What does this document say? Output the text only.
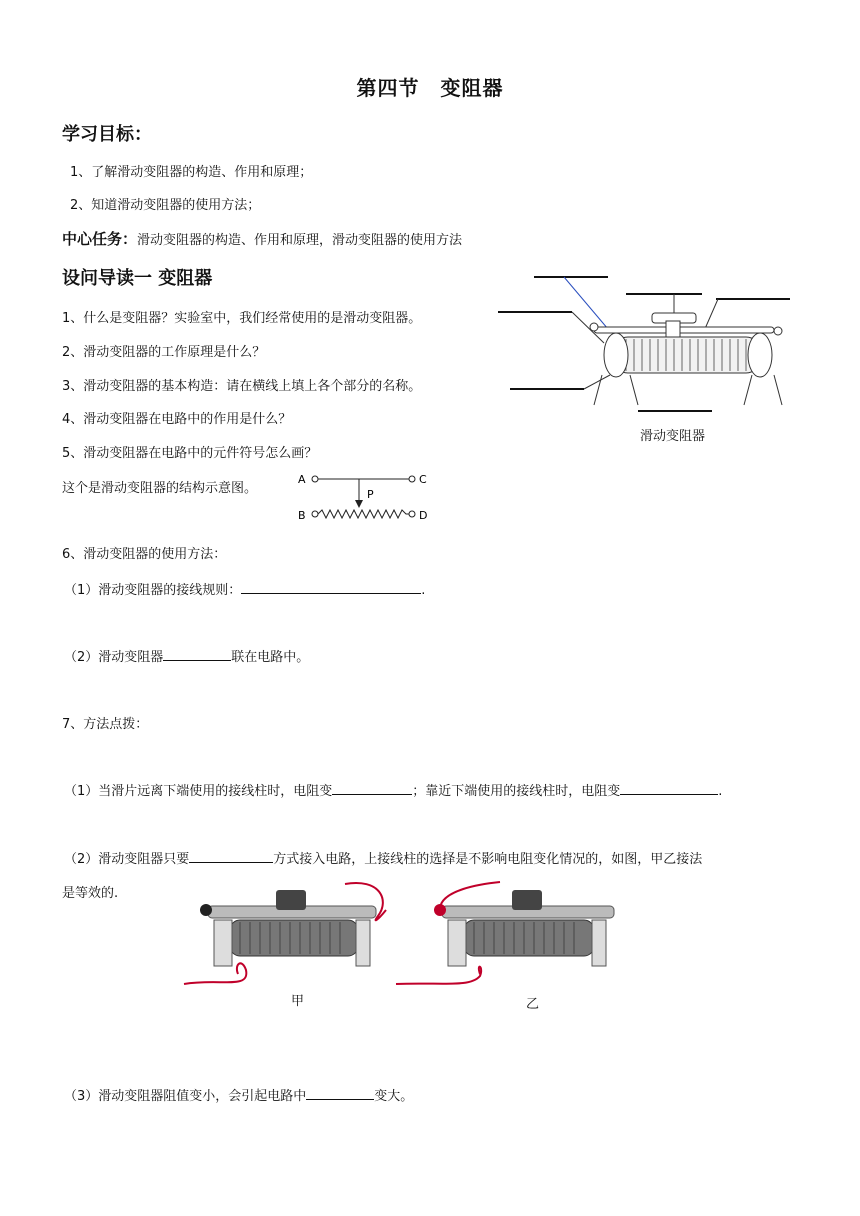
第四节　变阻器
学习目标：
1、了解滑动变阻器的构造、作用和原理；
2、知道滑动变阻器的使用方法；
中心任务：滑动变阻器的构造、作用和原理，滑动变阻器的使用方法
设问导读一 变阻器
1、什么是变阻器？实验室中，我们经常使用的是滑动变阻器。
2、滑动变阻器的工作原理是什么？
3、滑动变阻器的基本构造：请在横线上填上各个部分的名称。
4、滑动变阻器在电路中的作用是什么？
5、滑动变阻器在电路中的元件符号怎么画？
这个是滑动变阻器的结构示意图。
滑动变阻器
A	C
P
B	D
6、滑动变阻器的使用方法：
（1）滑动变阻器的接线规则：	.
（2）滑动变阻器	联在电路中。
7、方法点拨：
（1）当滑片远离下端使用的接线柱时，电阻变	；靠近下端使用的接线柱时，电阻变	.
（2）滑动变阻器只要	方式接入电路，上接线柱的选择是不影响电阻变化情况的，如图，甲乙接法
是等效的.
甲	乙
（3）滑动变阻器阻值变小，会引起电路中	变大。
